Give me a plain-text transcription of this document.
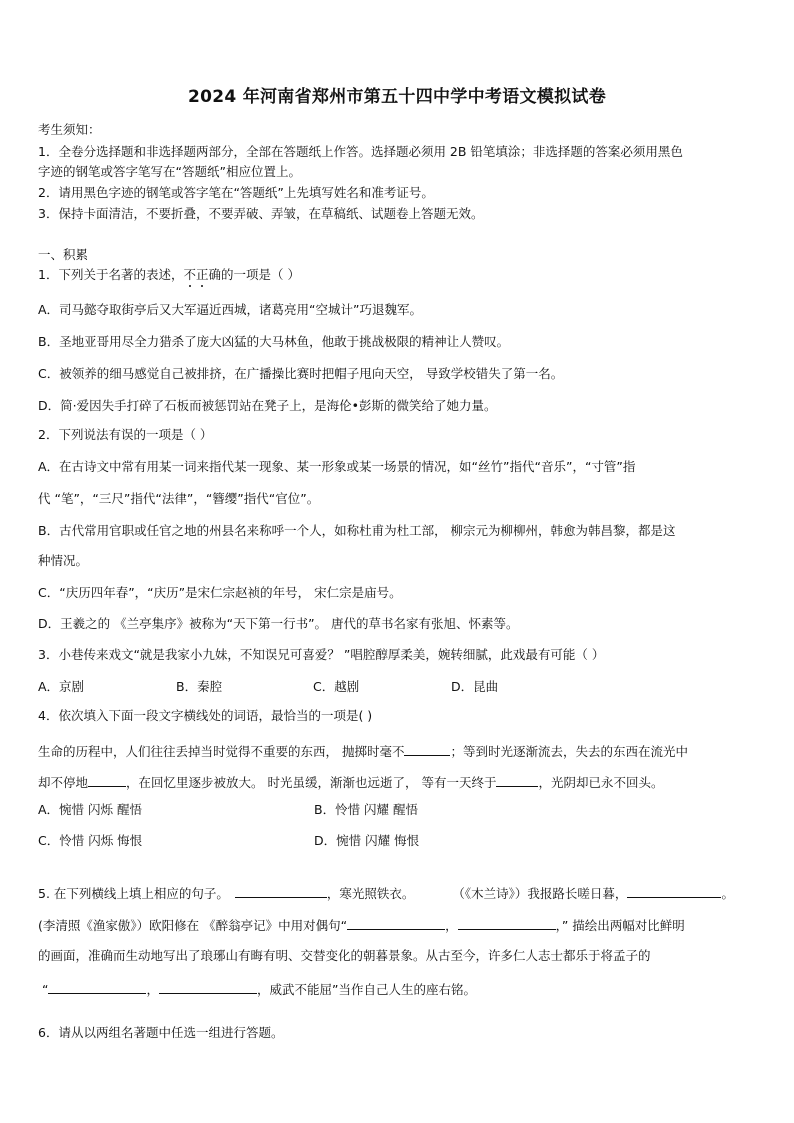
2024 年河南省郑州市第五十四中学中考语文模拟试卷
考生须知：
1．全卷分选择题和非选择题两部分，全部在答题纸上作答。选择题必须用 2B 铅笔填涂；非选择题的答案必须用黑色
字迹的钢笔或答字笔写在“答题纸”相应位置上。
2．请用黑色字迹的钢笔或答字笔在“答题纸”上先填写姓名和准考证号。
3．保持卡面清洁，不要折叠，不要弄破、弄皱，在草稿纸、试题卷上答题无效。
一、积累
1．下列关于名著的表述，不正确的一项是（ ）
A．司马懿夺取街亭后又大军逼近西城，诸葛亮用“空城计”巧退魏军。
B．圣地亚哥用尽全力猎杀了庞大凶猛的大马林鱼，他敢于挑战极限的精神让人赞叹。
C．被领养的细马感觉自己被排挤，在广播操比赛时把帽子甩向天空， 导致学校错失了第一名。
D．简·爱因失手打碎了石板而被惩罚站在凳子上，是海伦•彭斯的微笑给了她力量。
2．下列说法有误的一项是（ ）
A．在古诗文中常有用某一词来指代某一现象、某一形象或某一场景的情况，如“丝竹”指代“音乐”，“寸管”指
代 “笔”，“三尺”指代“法律”，“簪缨”指代“官位”。
B．古代常用官职或任官之地的州县名来称呼一个人，如称杜甫为杜工部， 柳宗元为柳柳州，韩愈为韩昌黎，都是这
种情况。
C．“庆历四年春”，“庆历”是宋仁宗赵祯的年号， 宋仁宗是庙号。
D．王羲之的 《兰亭集序》被称为“天下第一行书”。 唐代的草书名家有张旭、怀素等。
3．小巷传来戏文“就是我家小九妹，不知误兄可喜爱？ ”唱腔醇厚柔美，婉转细腻，此戏最有可能（ ）
A．京剧	B．秦腔	C．越剧	D．昆曲
4．依次填入下面一段文字横线处的词语，最恰当的一项是( )
生命的历程中，人们往往丢掉当时觉得不重要的东西， 抛掷时毫不	；等到时光逐渐流去，失去的东西在流光中
却不停地	，在回忆里逐步被放大。 时光虽缓，渐渐也远逝了， 等有一天终于	，光阴却已永不回头。
A．惋惜 闪烁 醒悟	B．怜惜 闪耀 醒悟
C．怜惜 闪烁 悔恨	D．惋惜 闪耀 悔恨
5. 在下列横线上填上相应的句子。	，寒光照铁衣。	（《木兰诗》）我报路长嗟日暮，	。
(李清照《渔家傲》）欧阳修在 《醉翁亭记》中用对偶句“	，	，” 描绘出两幅对比鲜明
的画面，准确而生动地写出了琅琊山有晦有明、交替变化的朝暮景象。从古至今，许多仁人志士都乐于将孟子的
“	，	，威武不能屈”当作自己人生的座右铭。
6．请从以两组名著题中任选一组进行答题。
